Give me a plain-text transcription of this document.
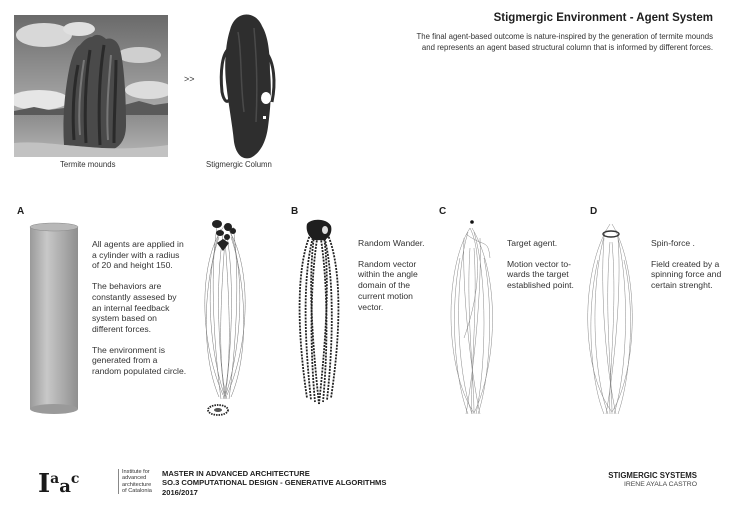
Stigmergic Environment - Agent System
The final agent-based outcome is nature-inspired by the generation of termite mounds
and represents an agent based structural column that is informed by different forces.
Termite mounds
>>
Stigmergic Column
A

All agents are applied in a cylinder with a radius of 20 and height 150.

The behaviors are constantly assesed by an internal feedback system based on different forces.

The environment is generated from a random populated circle.

B

Random Wander.

Random vector within the angle domain of the current motion vector.

C

Target agent.

Motion vector to-wards the target established point.

D

Spin-force .

Field created by a spinning force and certain strenght.

Iaac	Institute for
advanced
architecture
of Catalonia
MASTER IN ADVANCED ARCHITECTURE
SO.3 COMPUTATIONAL DESIGN - GENERATIVE ALGORITHMS
2016/2017
STIGMERGIC SYSTEMS
IRENE AYALA CASTRO
